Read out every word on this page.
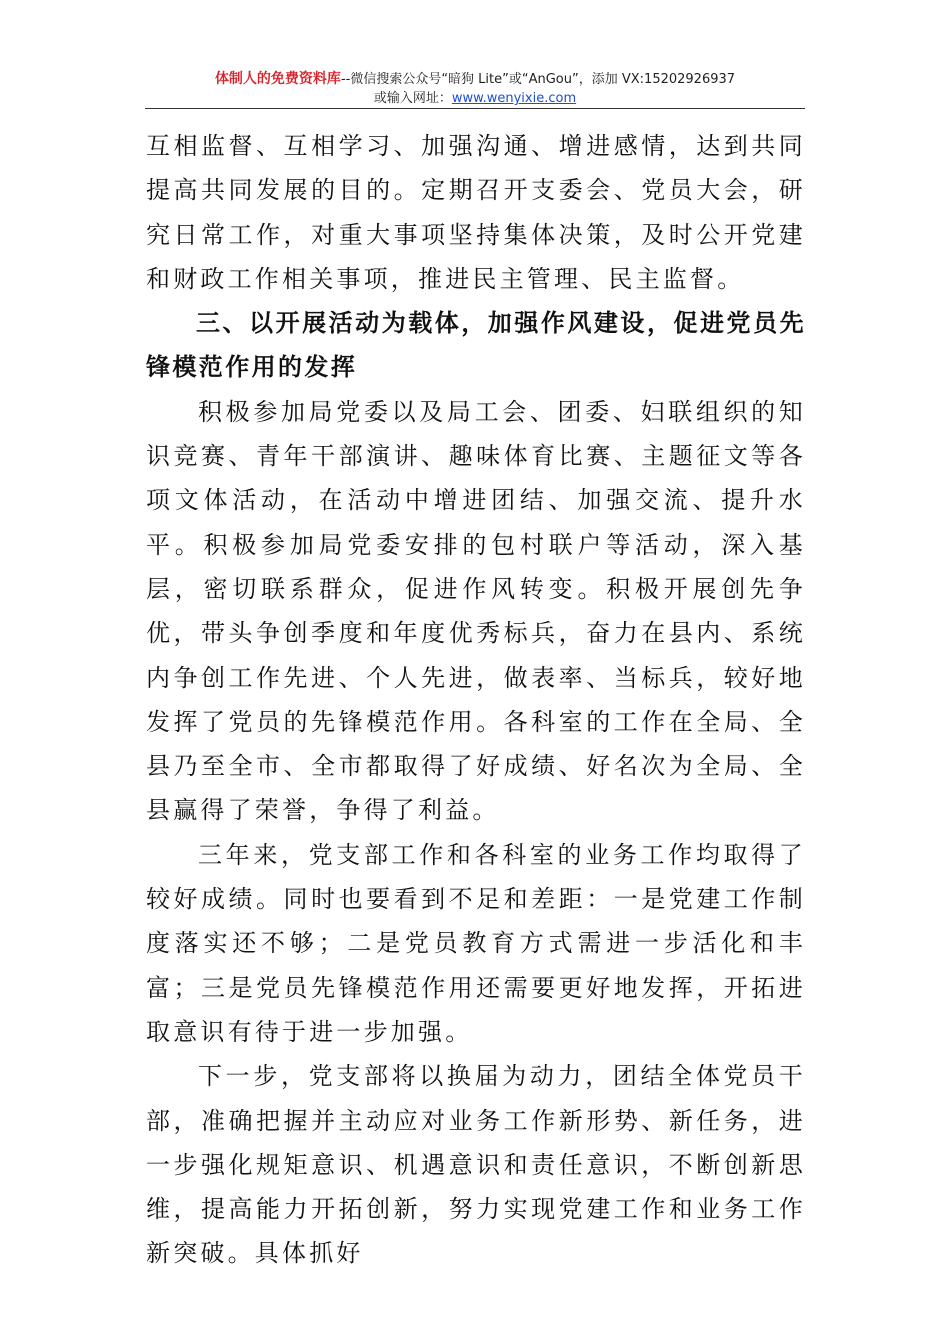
体制人的免费资料库--微信搜索公众号“暗狗 Lite”或“AnGou”，添加 VX:15202926937
或输入网址：www.wenyixie.com

互相监督、互相学习、加强沟通、增进感情，达到共同提高共同发展的目的。定期召开支委会、党员大会，研究日常工作，对重大事项坚持集体决策，及时公开党建和财政工作相关事项，推进民主管理、民主监督。

三、以开展活动为载体，加强作风建设，促进党员先锋模范作用的发挥

积极参加局党委以及局工会、团委、妇联组织的知识竞赛、青年干部演讲、趣味体育比赛、主题征文等各项文体活动，在活动中增进团结、加强交流、提升水平。积极参加局党委安排的包村联户等活动，深入基层，密切联系群众，促进作风转变。积极开展创先争优，带头争创季度和年度优秀标兵，奋力在县内、系统内争创工作先进、个人先进，做表率、当标兵，较好地发挥了党员的先锋模范作用。各科室的工作在全局、全县乃至全市、全市都取得了好成绩、好名次为全局、全县赢得了荣誉，争得了利益。

三年来，党支部工作和各科室的业务工作均取得了较好成绩。同时也要看到不足和差距：一是党建工作制度落实还不够；二是党员教育方式需进一步活化和丰富；三是党员先锋模范作用还需要更好地发挥，开拓进取意识有待于进一步加强。

下一步，党支部将以换届为动力，团结全体党员干部，准确把握并主动应对业务工作新形势、新任务，进一步强化规矩意识、机遇意识和责任意识，不断创新思维，提高能力开拓创新，努力实现党建工作和业务工作新突破。具体抓好
